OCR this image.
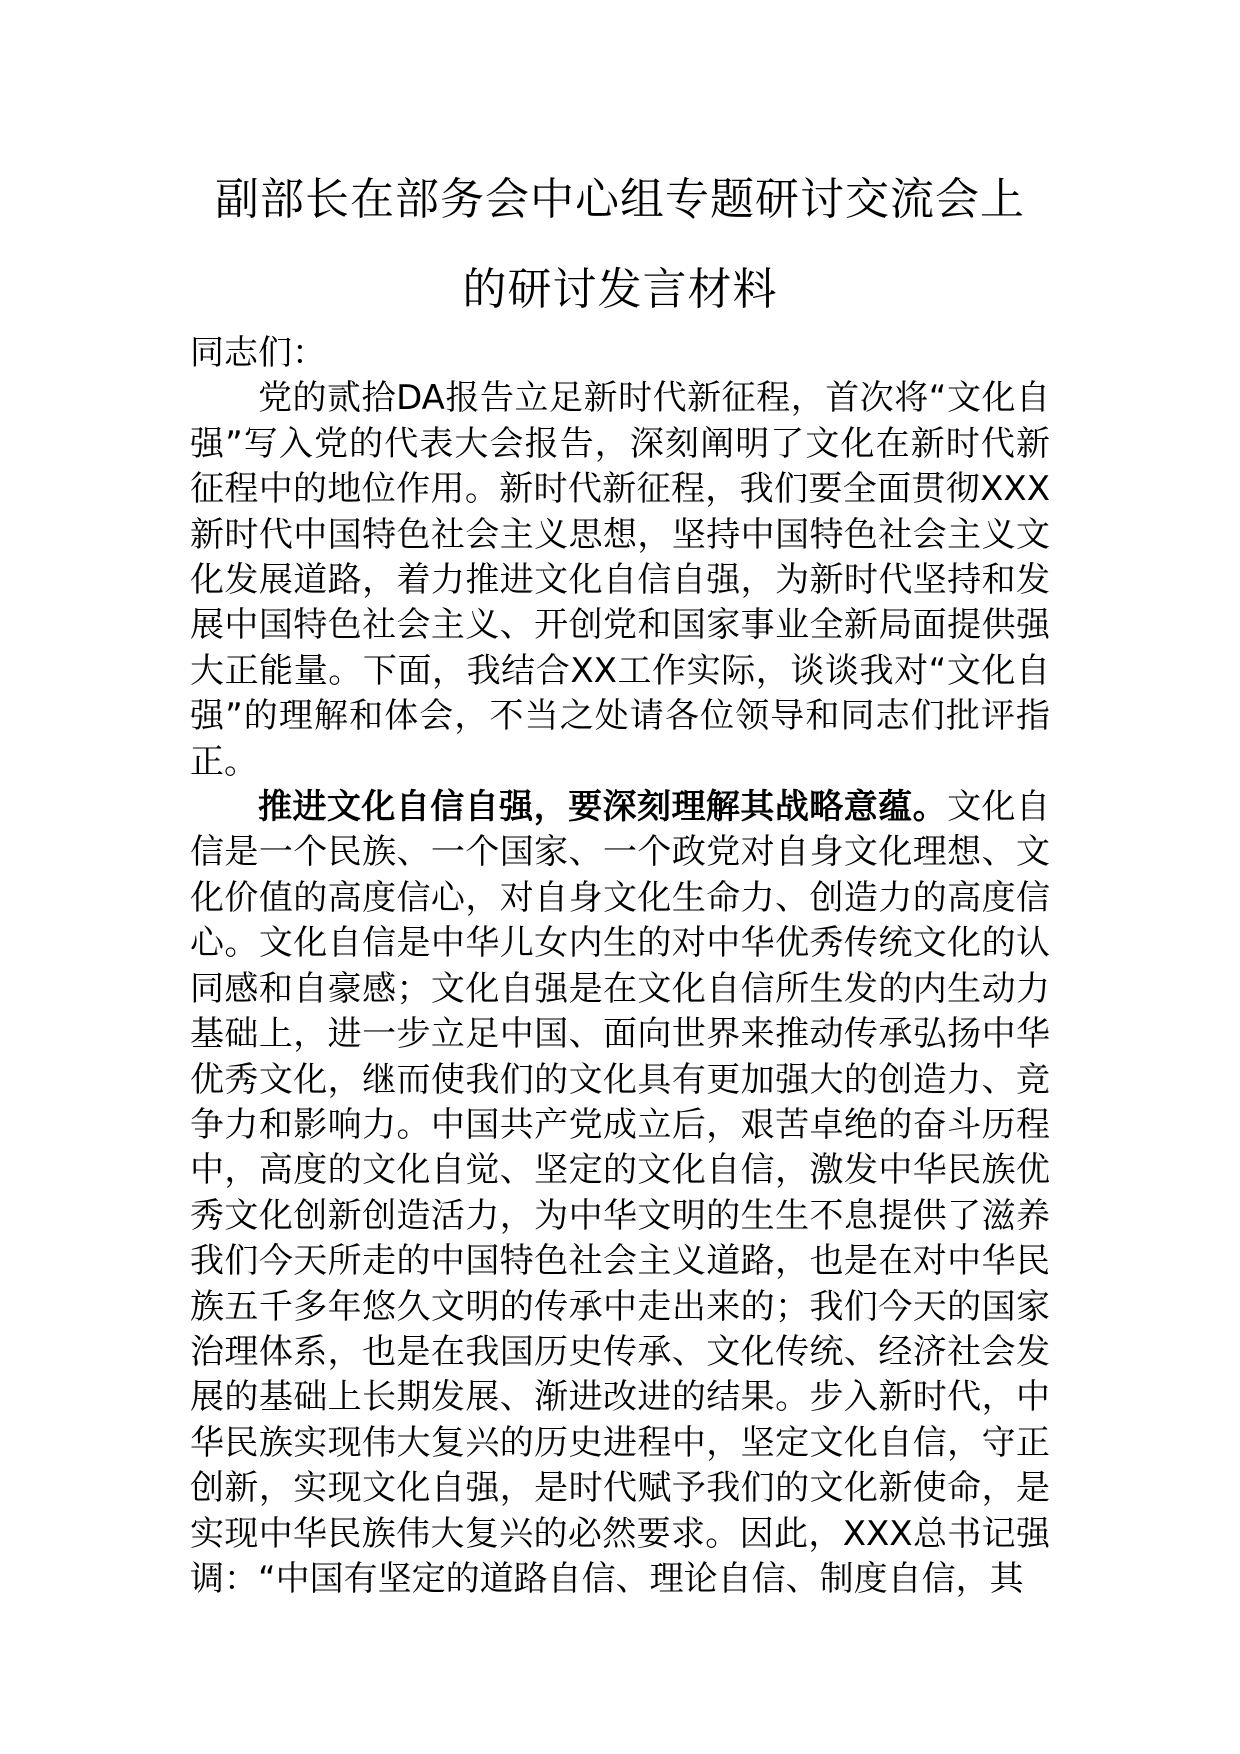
副部长在部务会中心组专题研讨交流会上
的研讨发言材料

同志们：

党的贰拾DA报告立足新时代新征程，首次将“文化自强”写入党的代表大会报告，深刻阐明了文化在新时代新征程中的地位作用。新时代新征程，我们要全面贯彻XXX新时代中国特色社会主义思想，坚持中国特色社会主义文化发展道路，着力推进文化自信自强，为新时代坚持和发展中国特色社会主义、开创党和国家事业全新局面提供强大正能量。下面，我结合XX工作实际，谈谈我对“文化自强”的理解和体会，不当之处请各位领导和同志们批评指正。

推进文化自信自强，要深刻理解其战略意蕴。文化自信是一个民族、一个国家、一个政党对自身文化理想、文化价值的高度信心，对自身文化生命力、创造力的高度信心。文化自信是中华儿女内生的对中华优秀传统文化的认同感和自豪感；文化自强是在文化自信所生发的内生动力基础上，进一步立足中国、面向世界来推动传承弘扬中华优秀文化，继而使我们的文化具有更加强大的创造力、竞争力和影响力。中国共产党成立后，艰苦卓绝的奋斗历程中，高度的文化自觉、坚定的文化自信，激发中华民族优秀文化创新创造活力，为中华文明的生生不息提供了滋养我们今天所走的中国特色社会主义道路，也是在对中华民族五千多年悠久文明的传承中走出来的；我们今天的国家治理体系，也是在我国历史传承、文化传统、经济社会发展的基础上长期发展、渐进改进的结果。步入新时代，中华民族实现伟大复兴的历史进程中，坚定文化自信，守正创新，实现文化自强，是时代赋予我们的文化新使命，是实现中华民族伟大复兴的必然要求。因此，XXX总书记强调：“中国有坚定的道路自信、理论自信、制度自信，其
